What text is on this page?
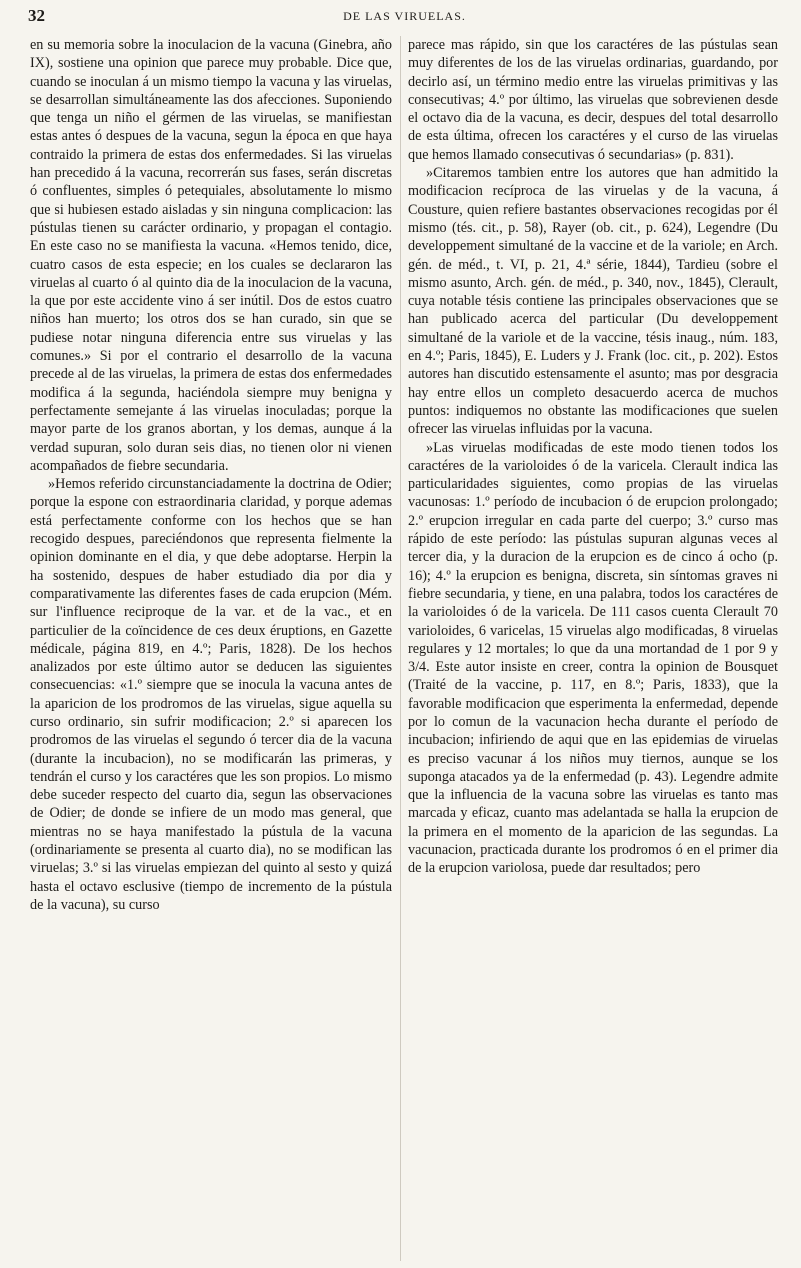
32	DE LAS VIRUELAS.

en su memoria sobre la inoculacion de la vacuna (Ginebra, año IX), sostiene una opinion que parece muy probable. Dice que, cuando se inoculan á un mismo tiempo la vacuna y las viruelas, se desarrollan simultáneamente las dos afecciones. Suponiendo que tenga un niño el gérmen de las viruelas, se manifiestan estas antes ó despues de la vacuna, segun la época en que haya contraido la primera de estas dos enfermedades. Si las viruelas han precedido á la vacuna, recorrerán sus fases, serán discretas ó confluentes, simples ó petequiales, absolutamente lo mismo que si hubiesen estado aisladas y sin ninguna complicacion: las pústulas tienen su carácter ordinario, y propagan el contagio. En este caso no se manifiesta la vacuna. «Hemos tenido, dice, cuatro casos de esta especie; en los cuales se declararon las viruelas al cuarto ó al quinto dia de la inoculacion de la vacuna, la que por este accidente vino á ser inútil. Dos de estos cuatro niños han muerto; los otros dos se han curado, sin que se pudiese notar ninguna diferencia entre sus viruelas y las comunes.» Si por el contrario el desarrollo de la vacuna precede al de las viruelas, la primera de estas dos enfermedades modifica á la segunda, haciéndola siempre muy benigna y perfectamente semejante á las viruelas inoculadas; porque la mayor parte de los granos abortan, y los demas, aunque á la verdad supuran, solo duran seis dias, no tienen olor ni vienen acompañados de fiebre secundaria.

»Hemos referido circunstanciadamente la doctrina de Odier; porque la espone con estraordinaria claridad, y porque ademas está perfectamente conforme con los hechos que se han recogido despues, pareciéndonos que representa fielmente la opinion dominante en el dia, y que debe adoptarse. Herpin la ha sostenido, despues de haber estudiado dia por dia y comparativamente las diferentes fases de cada erupcion (Mém. sur l'influence reciproque de la var. et de la vac., et en particulier de la coïncidence de ces deux éruptions, en Gazette médicale, página 819, en 4.º; Paris, 1828). De los hechos analizados por este último autor se deducen las siguientes consecuencias: «1.º siempre que se inocula la vacuna antes de la aparicion de los prodromos de las viruelas, sigue aquella su curso ordinario, sin sufrir modificacion; 2.º si aparecen los prodromos de las viruelas el segundo ó tercer dia de la vacuna (durante la incubacion), no se modificarán las primeras, y tendrán el curso y los caractéres que les son propios. Lo mismo debe suceder respecto del cuarto dia, segun las observaciones de Odier; de donde se infiere de un modo mas general, que mientras no se haya manifestado la pústula de la vacuna (ordinariamente se presenta al cuarto dia), no se modifican las viruelas; 3.º si las viruelas empiezan del quinto al sesto y quizá hasta el octavo esclusive (tiempo de incremento de la pústula de la vacuna), su curso

parece mas rápido, sin que los caractéres de las pústulas sean muy diferentes de los de las viruelas ordinarias, guardando, por decirlo así, un término medio entre las viruelas primitivas y las consecutivas; 4.º por último, las viruelas que sobrevienen desde el octavo dia de la vacuna, es decir, despues del total desarrollo de esta última, ofrecen los caractéres y el curso de las viruelas que hemos llamado consecutivas ó secundarias» (p. 831).

»Citaremos tambien entre los autores que han admitido la modificacion recíproca de las viruelas y de la vacuna, á Cousture, quien refiere bastantes observaciones recogidas por él mismo (tés. cit., p. 58), Rayer (ob. cit., p. 624), Legendre (Du developpement simultané de la vaccine et de la variole; en Arch. gén. de méd., t. VI, p. 21, 4.ª série, 1844), Tardieu (sobre el mismo asunto, Arch. gén. de méd., p. 340, nov., 1845), Clerault, cuya notable tésis contiene las principales observaciones que se han publicado acerca del particular (Du developpement simultané de la variole et de la vaccine, tésis inaug., núm. 183, en 4.º; Paris, 1845), E. Luders y J. Frank (loc. cit., p. 202). Estos autores han discutido estensamente el asunto; mas por desgracia hay entre ellos un completo desacuerdo acerca de muchos puntos: indiquemos no obstante las modificaciones que suelen ofrecer las viruelas influidas por la vacuna.

»Las viruelas modificadas de este modo tienen todos los caractéres de la varioloides ó de la varicela. Clerault indica las particularidades siguientes, como propias de las viruelas vacunosas: 1.º período de incubacion ó de erupcion prolongado; 2.º erupcion irregular en cada parte del cuerpo; 3.º curso mas rápido de este período: las pústulas supuran algunas veces al tercer dia, y la duracion de la erupcion es de cinco á ocho (p. 16); 4.º la erupcion es benigna, discreta, sin síntomas graves ni fiebre secundaria, y tiene, en una palabra, todos los caractéres de la varioloides ó de la varicela. De 111 casos cuenta Clerault 70 varioloides, 6 varicelas, 15 viruelas algo modificadas, 8 viruelas regulares y 12 mortales; lo que da una mortandad de 1 por 9 y 3/4. Este autor insiste en creer, contra la opinion de Bousquet (Traité de la vaccine, p. 117, en 8.º; Paris, 1833), que la favorable modificacion que esperimenta la enfermedad, depende por lo comun de la vacunacion hecha durante el período de incubacion; infiriendo de aqui que en las epidemias de viruelas es preciso vacunar á los niños muy tiernos, aunque se los suponga atacados ya de la enfermedad (p. 43). Legendre admite que la influencia de la vacuna sobre las viruelas es tanto mas marcada y eficaz, cuanto mas adelantada se halla la erupcion de la primera en el momento de la aparicion de las segundas. La vacunacion, practicada durante los prodromos ó en el primer dia de la erupcion variolosa, puede dar resultados; pero
